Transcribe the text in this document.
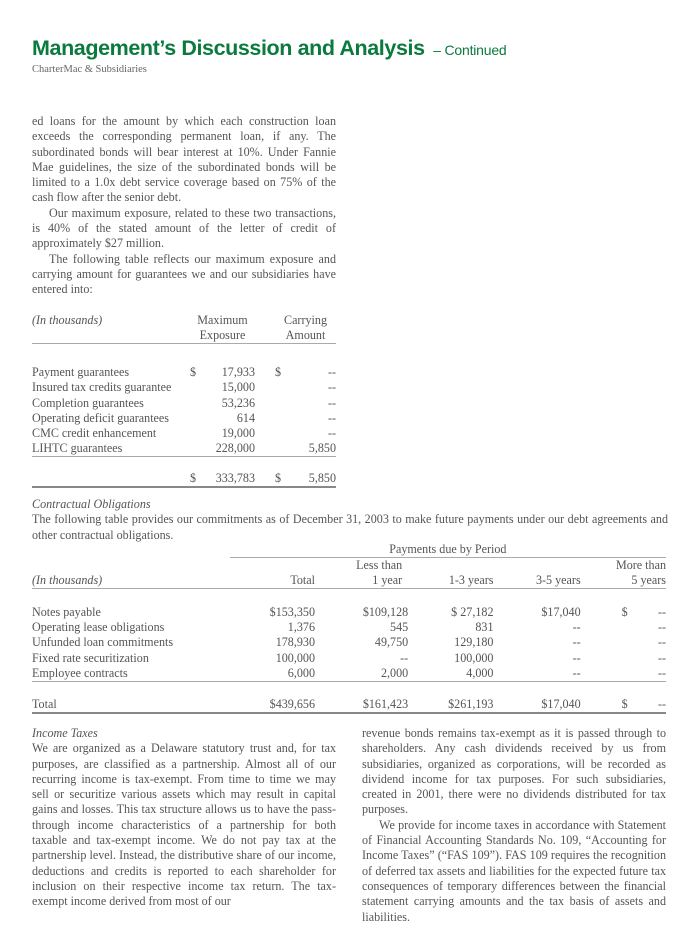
Management’s Discussion and Analysis – Continued
CharterMac & Subsidiaries

ed loans for the amount by which each construction loan exceeds the corresponding permanent loan, if any. The subordinated bonds will bear interest at 10%. Under Fannie Mae guidelines, the size of the subordinated bonds will be limited to a 1.0x debt service coverage based on 75% of the cash flow after the senior debt.

Our maximum exposure, related to these two transactions, is 40% of the stated amount of the letter of credit of approximately $27 million.

The following table reflects our maximum exposure and carrying amount for guarantees we and our subsidiaries have entered into:

(In thousands)	Maximum			Carrying	
	Exposure			Amount	

Payment guarantees	$	17,933		$	--
Insured tax credits guarantee		15,000			--
Completion guarantees		53,236			--
Operating deficit guarantees		614			--
CMC credit enhancement		19,000			--
LIHTC guarantees		228,000			5,850

	$	333,783		$	5,850
Contractual Obligations
The following table provides our commitments as of December 31, 2003 to make future payments under our debt agreements and other contractual obligations.
	Payments due by Period				
		Less than			More than
(In thousands)	Total	1 year	1-3 years	3-5 years	5 years

Notes payable	$153,350	$109,128	$ 27,182	$17,040	$          --
Operating lease obligations	1,376	545	831	--	--
Unfunded loan commitments	178,930	49,750	129,180	--	--
Fixed rate securitization	100,000	--	100,000	--	--
Employee contracts	6,000	2,000	4,000	--	--

Total	$439,656	$161,423	$261,193	$17,040	$          --
Income Taxes

We are organized as a Delaware statutory trust and, for tax purposes, are classified as a partnership. Almost all of our recurring income is tax-exempt. From time to time we may sell or securitize various assets which may result in capital gains and losses. This tax structure allows us to have the pass-through income characteristics of a partnership for both taxable and tax-exempt income. We do not pay tax at the partnership level. Instead, the distributive share of our income, deductions and credits is reported to each shareholder for inclusion on their respective income tax return. The tax-exempt income derived from most of our

revenue bonds remains tax-exempt as it is passed through to shareholders. Any cash dividends received by us from subsidiaries, organized as corporations, will be recorded as dividend income for tax purposes. For such subsidiaries, created in 2001, there were no dividends distributed for tax purposes.

We provide for income taxes in accordance with Statement of Financial Accounting Standards No. 109, “Accounting for Income Taxes” (“FAS 109”). FAS 109 requires the recognition of deferred tax assets and liabilities for the expected future tax consequences of temporary differences between the financial statement carrying amounts and the tax basis of assets and liabilities.
